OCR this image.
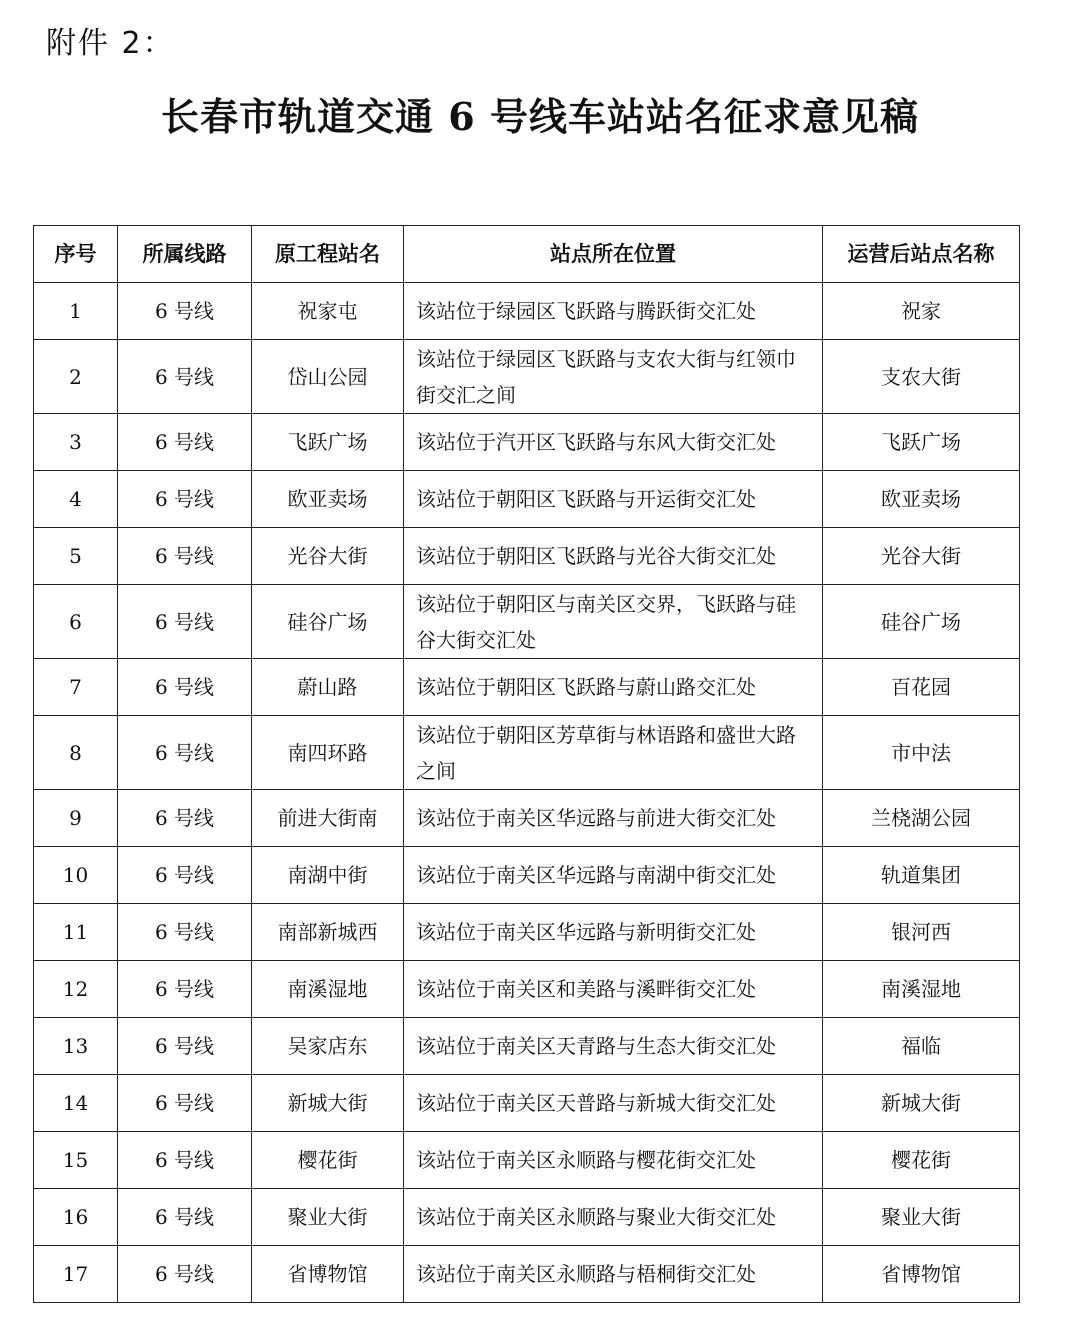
附件 2：
长春市轨道交通 6 号线车站站名征求意见稿
序号	所属线路	原工程站名	站点所在位置	运营后站点名称
1	6 号线	祝家屯	该站位于绿园区飞跃路与腾跃街交汇处	祝家
2	6 号线	岱山公园	该站位于绿园区飞跃路与支农大街与红领巾街交汇之间	支农大街
3	6 号线	飞跃广场	该站位于汽开区飞跃路与东风大街交汇处	飞跃广场
4	6 号线	欧亚卖场	该站位于朝阳区飞跃路与开运街交汇处	欧亚卖场
5	6 号线	光谷大街	该站位于朝阳区飞跃路与光谷大街交汇处	光谷大街
6	6 号线	硅谷广场	该站位于朝阳区与南关区交界，飞跃路与硅谷大街交汇处	硅谷广场
7	6 号线	蔚山路	该站位于朝阳区飞跃路与蔚山路交汇处	百花园
8	6 号线	南四环路	该站位于朝阳区芳草街与林语路和盛世大路之间	市中法
9	6 号线	前进大街南	该站位于南关区华远路与前进大街交汇处	兰桡湖公园
10	6 号线	南湖中街	该站位于南关区华远路与南湖中街交汇处	轨道集团
11	6 号线	南部新城西	该站位于南关区华远路与新明街交汇处	银河西
12	6 号线	南溪湿地	该站位于南关区和美路与溪畔街交汇处	南溪湿地
13	6 号线	吴家店东	该站位于南关区天青路与生态大街交汇处	福临
14	6 号线	新城大街	该站位于南关区天普路与新城大街交汇处	新城大街
15	6 号线	樱花街	该站位于南关区永顺路与樱花街交汇处	樱花街
16	6 号线	聚业大街	该站位于南关区永顺路与聚业大街交汇处	聚业大街
17	6 号线	省博物馆	该站位于南关区永顺路与梧桐街交汇处	省博物馆
